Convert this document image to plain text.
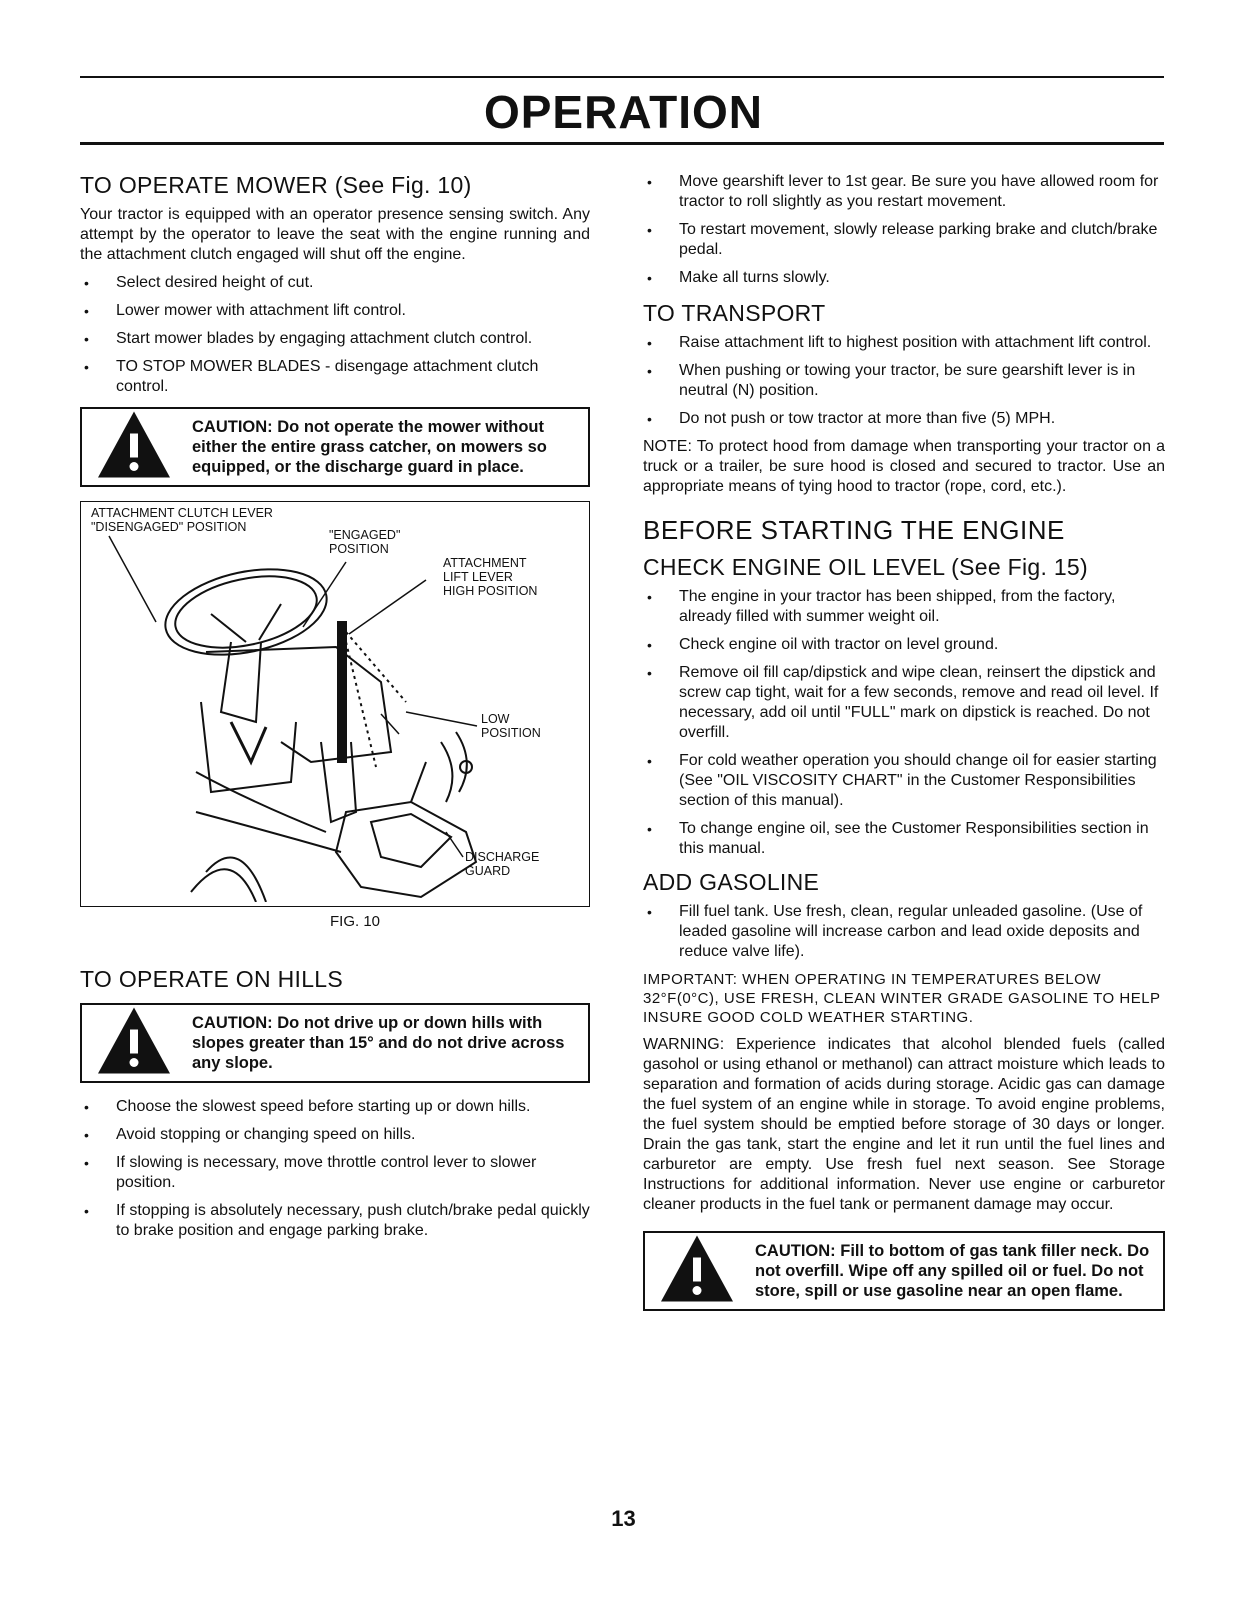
OPERATION
TO OPERATE MOWER (See Fig. 10)

Your tractor is equipped with an operator presence sensing switch. Any attempt by the operator to leave the seat with the engine running and the attachment clutch engaged will shut off the engine.

• Select desired height of cut.
• Lower mower with attachment lift control.
• Start mower blades by engaging attachment clutch control.
• TO STOP MOWER BLADES - disengage attachment clutch control.
CAUTION: Do not operate the mower without either the entire grass catcher, on mowers so equipped, or the discharge guard in place.
ATTACHMENT CLUTCH LEVER
"DISENGAGED" POSITION
"ENGAGED"
POSITION
ATTACHMENT
LIFT LEVER
HIGH POSITION
LOW
POSITION
DISCHARGE
GUARD
FIG. 10
TO OPERATE ON HILLS
CAUTION: Do not drive up or down hills with slopes greater than 15° and do not drive across any slope.
• Choose the slowest speed before starting up or down hills.
• Avoid stopping or changing speed on hills.
• If slowing is necessary, move throttle control lever to slower position.
• If stopping is absolutely necessary, push clutch/brake pedal quickly to brake position and engage parking brake.
• Move gearshift lever to 1st gear. Be sure you have allowed room for tractor to roll slightly as you restart movement.
• To restart movement, slowly release parking brake and clutch/brake pedal.
• Make all turns slowly.
TO TRANSPORT
• Raise attachment lift to highest position with attachment lift control.
• When pushing or towing your tractor, be sure gearshift lever is in neutral (N) position.
• Do not push or tow tractor at more than five (5) MPH.

NOTE: To protect hood from damage when transporting your tractor on a truck or a trailer, be sure hood is closed and secured to tractor. Use an appropriate means of tying hood to tractor (rope, cord, etc.).

BEFORE STARTING THE ENGINE
CHECK ENGINE OIL LEVEL (See Fig. 15)
• The engine in your tractor has been shipped, from the factory, already filled with summer weight oil.
• Check engine oil with tractor on level ground.
• Remove oil fill cap/dipstick and wipe clean, reinsert the dipstick and screw cap tight, wait for a few seconds, remove and read oil level. If necessary, add oil until "FULL" mark on dipstick is reached. Do not overfill.
• For cold weather operation you should change oil for easier starting (See "OIL VISCOSITY CHART" in the Customer Responsibilities section of this manual).
• To change engine oil, see the Customer Responsibilities section in this manual.
ADD GASOLINE
• Fill fuel tank. Use fresh, clean, regular unleaded gasoline. (Use of leaded gasoline will increase carbon and lead oxide deposits and reduce valve life).

IMPORTANT: WHEN OPERATING IN TEMPERATURES BELOW 32°F(0°C), USE FRESH, CLEAN WINTER GRADE GASOLINE TO HELP INSURE GOOD COLD WEATHER STARTING.

WARNING: Experience indicates that alcohol blended fuels (called gasohol or using ethanol or methanol) can attract moisture which leads to separation and formation of acids during storage. Acidic gas can damage the fuel system of an engine while in storage. To avoid engine problems, the fuel system should be emptied before storage of 30 days or longer. Drain the gas tank, start the engine and let it run until the fuel lines and carburetor are empty. Use fresh fuel next season. See Storage Instructions for additional information. Never use engine or carburetor cleaner products in the fuel tank or permanent damage may occur.

CAUTION: Fill to bottom of gas tank filler neck. Do not overfill. Wipe off any spilled oil or fuel. Do not store, spill or use gasoline near an open flame.
13
